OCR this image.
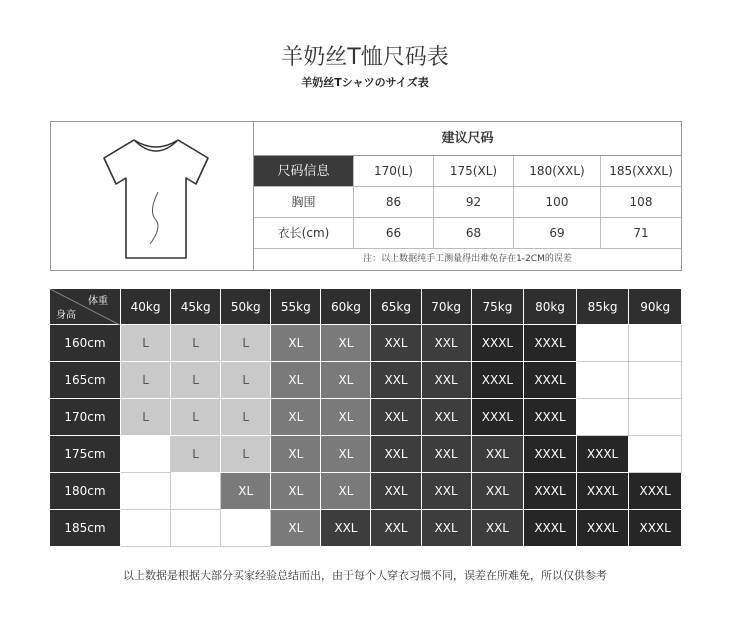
羊奶丝T恤尺码表
羊奶丝Tシャツのサイズ表
建议尺码
尺码信息	170(L)	175(XL)	180(XXL)	185(XXXL)
胸围	86	92	100	108
衣长(cm)	66	68	69	71
注：以上数据纯手工测量得出难免存在1-2CM的误差
体重
身高	40kg	45kg	50kg	55kg	60kg	65kg	70kg	75kg	80kg	85kg	90kg
160cm	L	L	L	XL	XL	XXL	XXL	XXXL	XXXL		
165cm	L	L	L	XL	XL	XXL	XXL	XXXL	XXXL		
170cm	L	L	L	XL	XL	XXL	XXL	XXXL	XXXL		
175cm		L	L	XL	XL	XXL	XXL	XXL	XXXL	XXXL	
180cm			XL	XL	XL	XXL	XXL	XXL	XXXL	XXXL	XXXL
185cm				XL	XXL	XXL	XXL	XXL	XXXL	XXXL	XXXL
以上数据是根据大部分买家经验总结而出，由于每个人穿衣习惯不同，误差在所难免，所以仅供参考
